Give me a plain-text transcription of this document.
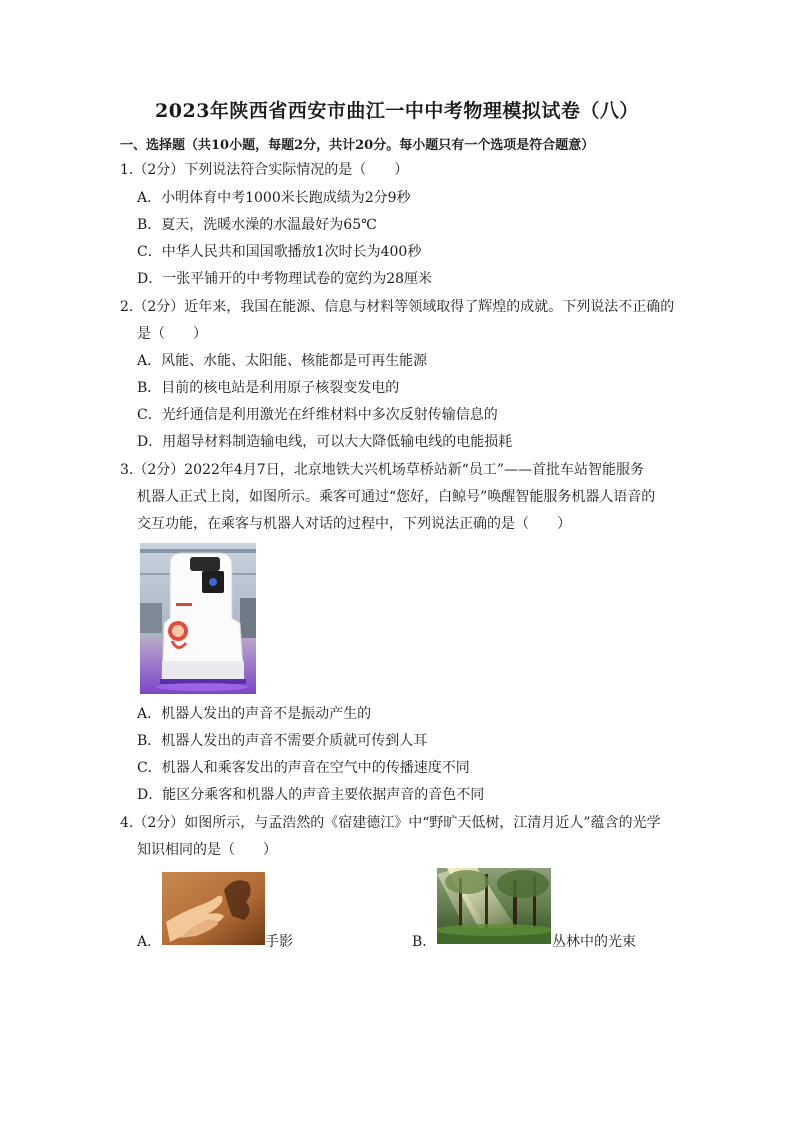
2023年陕西省西安市曲江一中中考物理模拟试卷（八）
一、选择题（共10小题，每题2分，共计20分。每小题只有一个选项是符合题意）
1.（2分）下列说法符合实际情况的是（　　）
A．小明体育中考1000米长跑成绩为2分9秒
B．夏天，洗暖水澡的水温最好为65℃
C．中华人民共和国国歌播放1次时长为400秒
D．一张平铺开的中考物理试卷的宽约为28厘米
2.（2分）近年来，我国在能源、信息与材料等领域取得了辉煌的成就。下列说法不正确的
是（　　）
A．风能、水能、太阳能、核能都是可再生能源
B．目前的核电站是利用原子核裂变发电的
C．光纤通信是利用激光在纤维材料中多次反射传输信息的
D．用超导材料制造输电线，可以大大降低输电线的电能损耗
3.（2分）2022年4月7日，北京地铁大兴机场草桥站新“员工”——首批车站智能服务
机器人正式上岗，如图所示。乘客可通过“您好，白鲸号”唤醒智能服务机器人语音的
交互功能，在乘客与机器人对话的过程中，下列说法正确的是（　　）
A．机器人发出的声音不是振动产生的
B．机器人发出的声音不需要介质就可传到人耳
C．机器人和乘客发出的声音在空气中的传播速度不同
D．能区分乘客和机器人的声音主要依据声音的音色不同
4.（2分）如图所示，与孟浩然的《宿建德江》中“野旷天低树，江清月近人”蕴含的光学
知识相同的是（　　）
A．	手影	B．	丛林中的光束
